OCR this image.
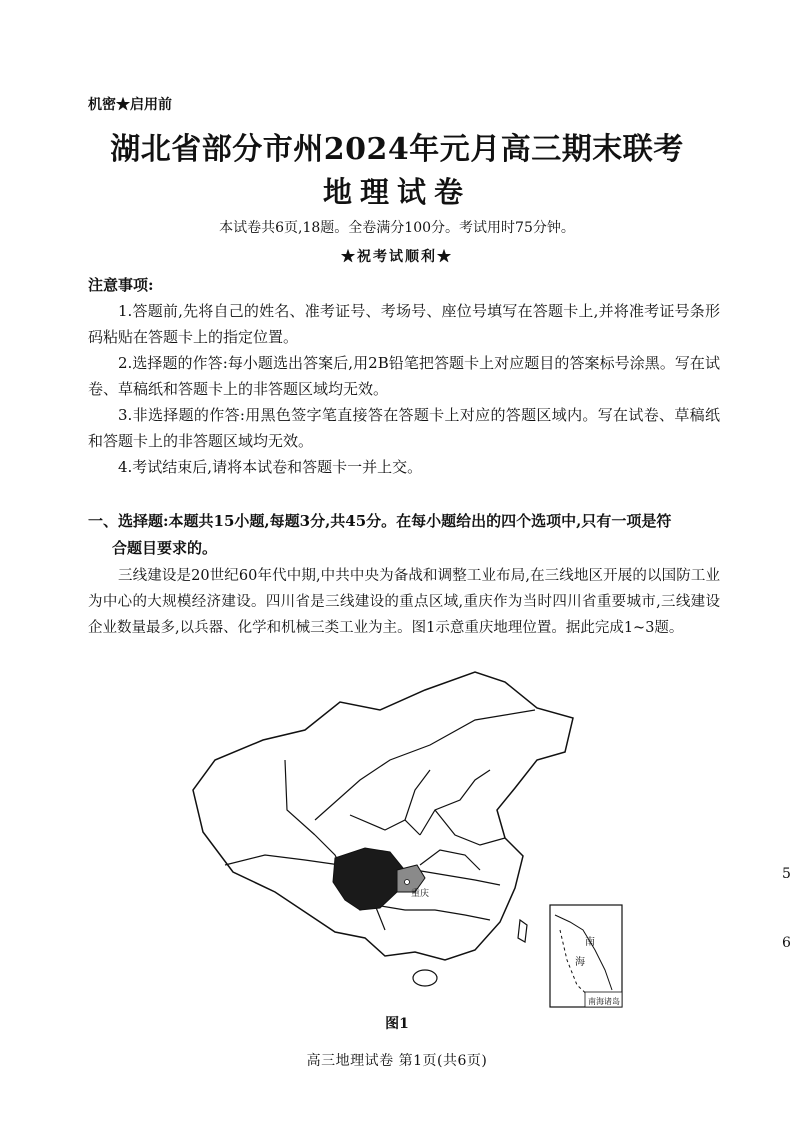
机密★启用前
湖北省部分市州2024年元月高三期末联考
地理试卷
本试卷共6页,18题。全卷满分100分。考试用时75分钟。
★祝考试顺利★
注意事项:

1.答题前,先将自己的姓名、准考证号、考场号、座位号填写在答题卡上,并将准考证号条形码粘贴在答题卡上的指定位置。

2.选择题的作答:每小题选出答案后,用2B铅笔把答题卡上对应题目的答案标号涂黑。写在试卷、草稿纸和答题卡上的非答题区域均无效。

3.非选择题的作答:用黑色签字笔直接答在答题卡上对应的答题区域内。写在试卷、草稿纸和答题卡上的非答题区域均无效。

4.考试结束后,请将本试卷和答题卡一并上交。

一、选择题:本题共15小题,每题3分,共45分。在每小题给出的四个选项中,只有一项是符
合题目要求的。

三线建设是20世纪60年代中期,中共中央为备战和调整工业布局,在三线地区开展的以国防工业为中心的大规模经济建设。四川省是三线建设的重点区域,重庆作为当时四川省重要城市,三线建设企业数量最多,以兵器、化学和机械三类工业为主。图1示意重庆地理位置。据此完成1~3题。

重庆
南
海
南海诸岛
图1
高三地理试卷 第1页(共6页)
5
6
